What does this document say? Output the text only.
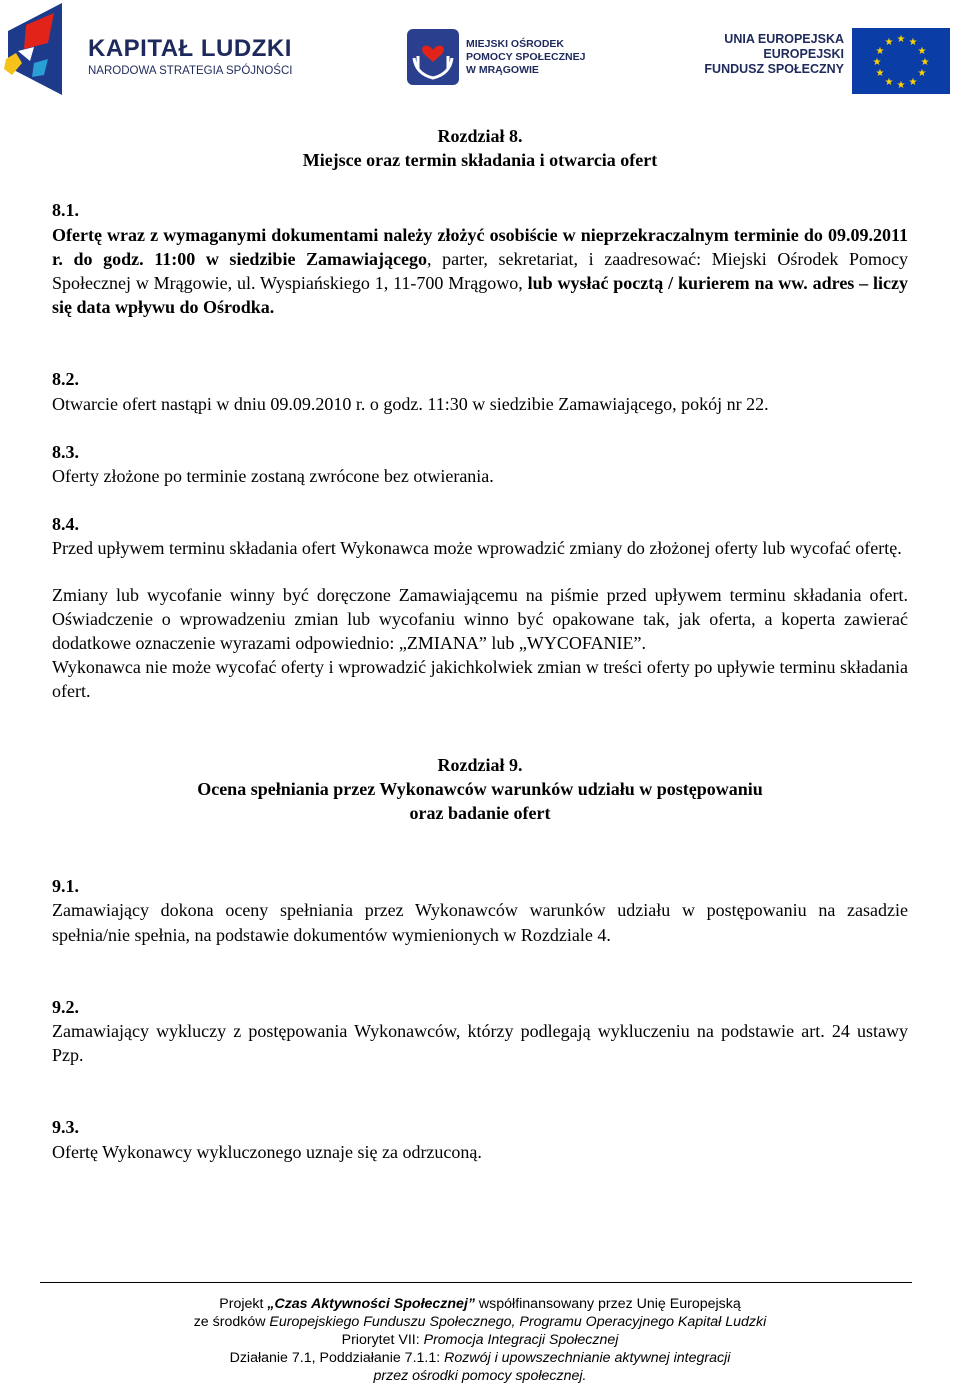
KAPITAŁ LUDZKI
NARODOWA STRATEGIA SPÓJNOŚCI
MIEJSKI OŚRODEK
POMOCY SPOŁECZNEJ
W MRĄGOWIE
UNIA EUROPEJSKA
EUROPEJSKI
FUNDUSZ SPOŁECZNY
★ ★
★
★
★
★
★
★
★
★
★
★

Rozdział 8.

Miejsce oraz termin składania i otwarcia ofert

8.1.

Ofertę wraz z wymaganymi dokumentami należy złożyć osobiście w nieprzekraczalnym terminie do 09.09.2011 r. do godz. 11:00 w siedzibie Zamawiającego, parter, sekretariat, i zaadresować: Miejski Ośrodek Pomocy Społecznej w Mrągowie, ul. Wyspiańskiego 1, 11-700 Mrągowo, lub wysłać pocztą / kurierem na ww. adres – liczy się data wpływu do Ośrodka.

8.2.

Otwarcie ofert nastąpi w dniu 09.09.2010 r. o godz. 11:30 w siedzibie Zamawiającego, pokój nr 22.

8.3.

Oferty złożone po terminie zostaną zwrócone bez otwierania.

8.4.

Przed upływem terminu składania ofert Wykonawca może wprowadzić zmiany do złożonej oferty lub wycofać ofertę.

Zmiany lub wycofanie winny być doręczone Zamawiającemu na piśmie przed upływem terminu składania ofert. Oświadczenie o wprowadzeniu zmian lub wycofaniu winno być opakowane tak, jak oferta, a koperta zawierać dodatkowe oznaczenie wyrazami odpowiednio: „ZMIANA” lub „WYCOFANIE”.

Wykonawca nie może wycofać oferty i wprowadzić jakichkolwiek zmian w treści oferty po upływie terminu składania ofert.

Rozdział 9.

Ocena spełniania przez Wykonawców warunków udziału w postępowaniu

oraz badanie ofert

9.1.

Zamawiający dokona oceny spełniania przez Wykonawców warunków udziału w postępowaniu na zasadzie spełnia/nie spełnia, na podstawie dokumentów wymienionych w Rozdziale 4.

9.2.

Zamawiający wykluczy z postępowania Wykonawców, którzy podlegają wykluczeniu na podstawie art. 24 ustawy Pzp.

9.3.

Ofertę Wykonawcy wykluczonego uznaje się za odrzuconą.

Projekt „Czas Aktywności Społecznej” współfinansowany przez Unię Europejską
ze środków Europejskiego Funduszu Społecznego, Programu Operacyjnego Kapitał Ludzki
Priorytet VII: Promocja Integracji Społecznej
Działanie 7.1, Poddziałanie 7.1.1: Rozwój i upowszechnianie aktywnej integracji
przez ośrodki pomocy społecznej.
